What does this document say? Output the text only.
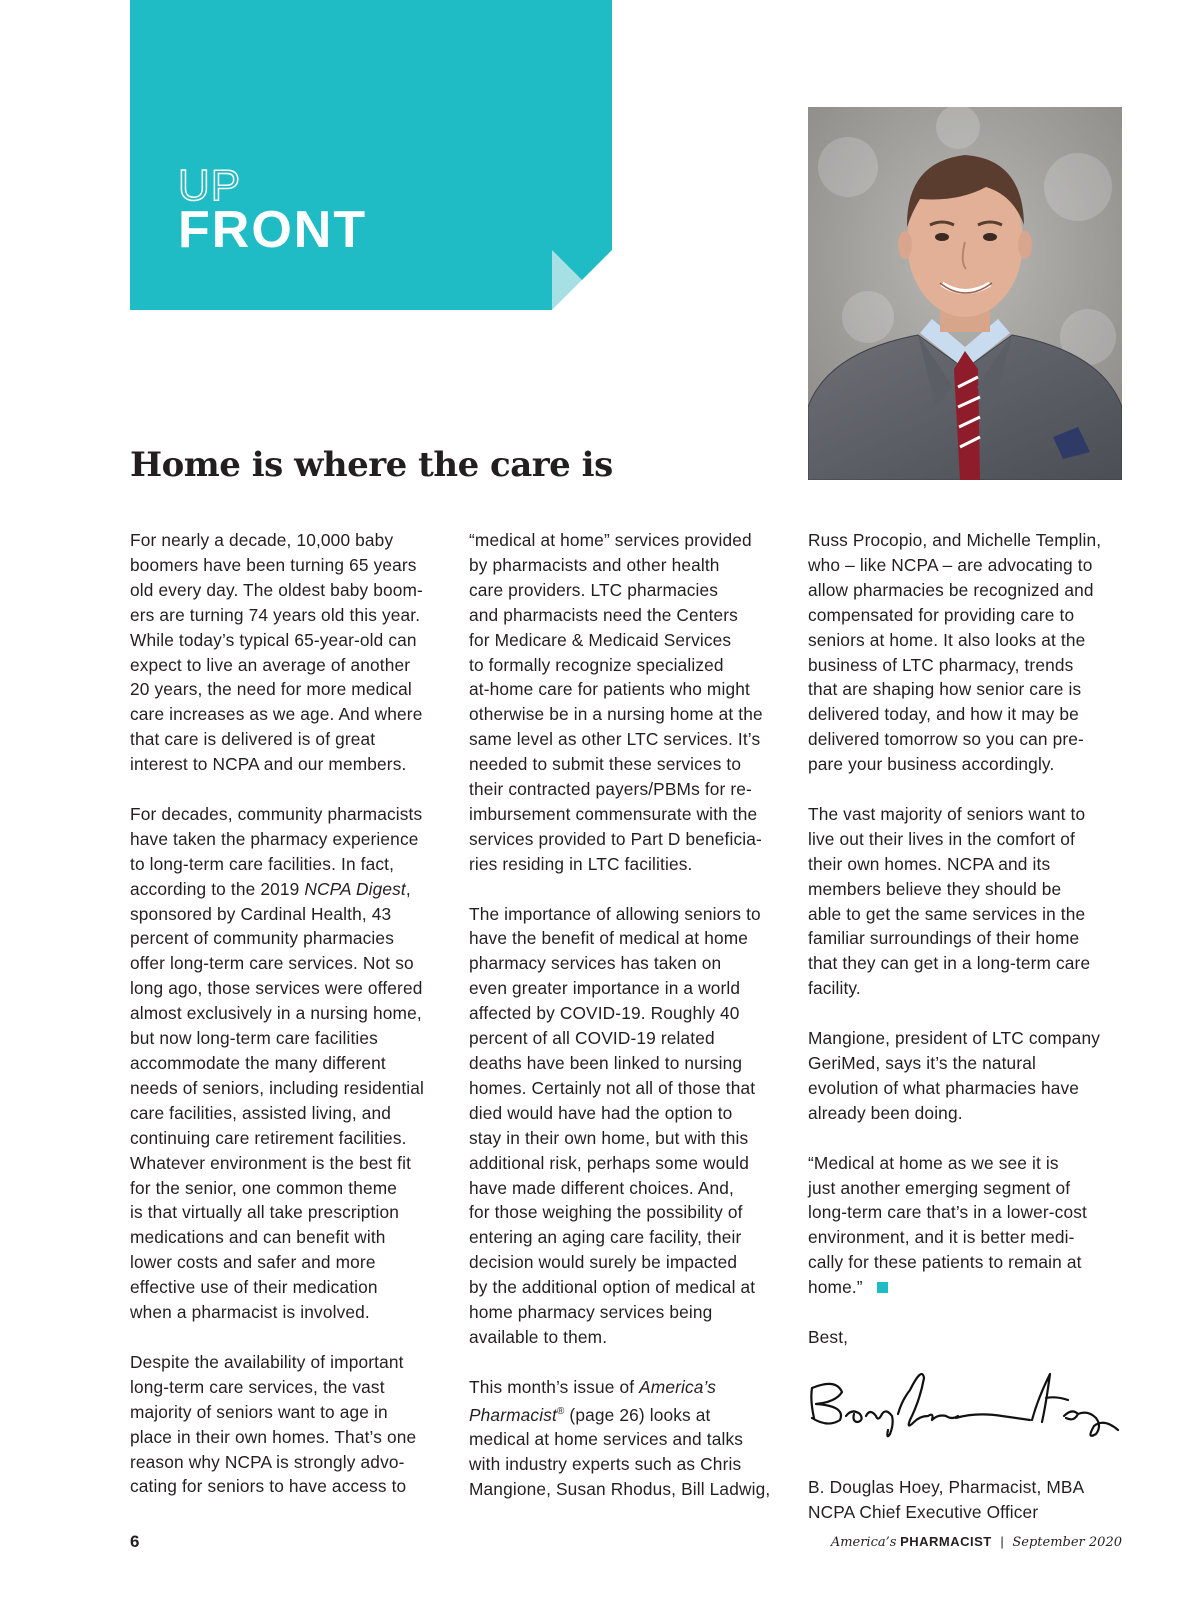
UP
FRONT
Home is where the care is

For nearly a decade, 10,000 baby
boomers have been turning 65 years
old every day. The oldest baby boom-
ers are turning 74 years old this year.
While today’s typical 65-year-old can
expect to live an average of another
20 years, the need for more medical
care increases as we age. And where
that care is delivered is of great
interest to NCPA and our members.

For decades, community pharmacists
have taken the pharmacy experience
to long-term care facilities. In fact,
according to the 2019 NCPA Digest,
sponsored by Cardinal Health, 43
percent of community pharmacies
offer long-term care services. Not so
long ago, those services were offered
almost exclusively in a nursing home,
but now long-term care facilities
accommodate the many different
needs of seniors, including residential
care facilities, assisted living, and
continuing care retirement facilities.
Whatever environment is the best fit
for the senior, one common theme
is that virtually all take prescription
medications and can benefit with
lower costs and safer and more
effective use of their medication
when a pharmacist is involved.

Despite the availability of important
long-term care services, the vast
majority of seniors want to age in
place in their own homes. That’s one
reason why NCPA is strongly advo-
cating for seniors to have access to

“medical at home” services provided
by pharmacists and other health
care providers. LTC pharmacies
and pharmacists need the Centers
for Medicare & Medicaid Services
to formally recognize specialized
at-home care for patients who might
otherwise be in a nursing home at the
same level as other LTC services. It’s
needed to submit these services to
their contracted payers/PBMs for re-
imbursement commensurate with the
services provided to Part D beneficia-
ries residing in LTC facilities.

The importance of allowing seniors to
have the benefit of medical at home
pharmacy services has taken on
even greater importance in a world
affected by COVID-19. Roughly 40
percent of all COVID-19 related
deaths have been linked to nursing
homes. Certainly not all of those that
died would have had the option to
stay in their own home, but with this
additional risk, perhaps some would
have made different choices. And,
for those weighing the possibility of
entering an aging care facility, their
decision would surely be impacted
by the additional option of medical at
home pharmacy services being
available to them.

This month’s issue of America’s
Pharmacist® (page 26) looks at
medical at home services and talks
with industry experts such as Chris
Mangione, Susan Rhodus, Bill Ladwig,

Russ Procopio, and Michelle Templin,
who – like NCPA – are advocating to
allow pharmacies be recognized and
compensated for providing care to
seniors at home. It also looks at the
business of LTC pharmacy, trends
that are shaping how senior care is
delivered today, and how it may be
delivered tomorrow so you can pre-
pare your business accordingly.

The vast majority of seniors want to
live out their lives in the comfort of
their own homes. NCPA and its
members believe they should be
able to get the same services in the
familiar surroundings of their home
that they can get in a long-term care
facility.

Mangione, president of LTC company
GeriMed, says it’s the natural
evolution of what pharmacies have
already been doing.

“Medical at home as we see it is
just another emerging segment of
long-term care that’s in a lower-cost
environment, and it is better medi-
cally for these patients to remain at
home.”

Best,

B. Douglas Hoey, Pharmacist, MBA
NCPA Chief Executive Officer

6	America’s PHARMACIST | September 2020
